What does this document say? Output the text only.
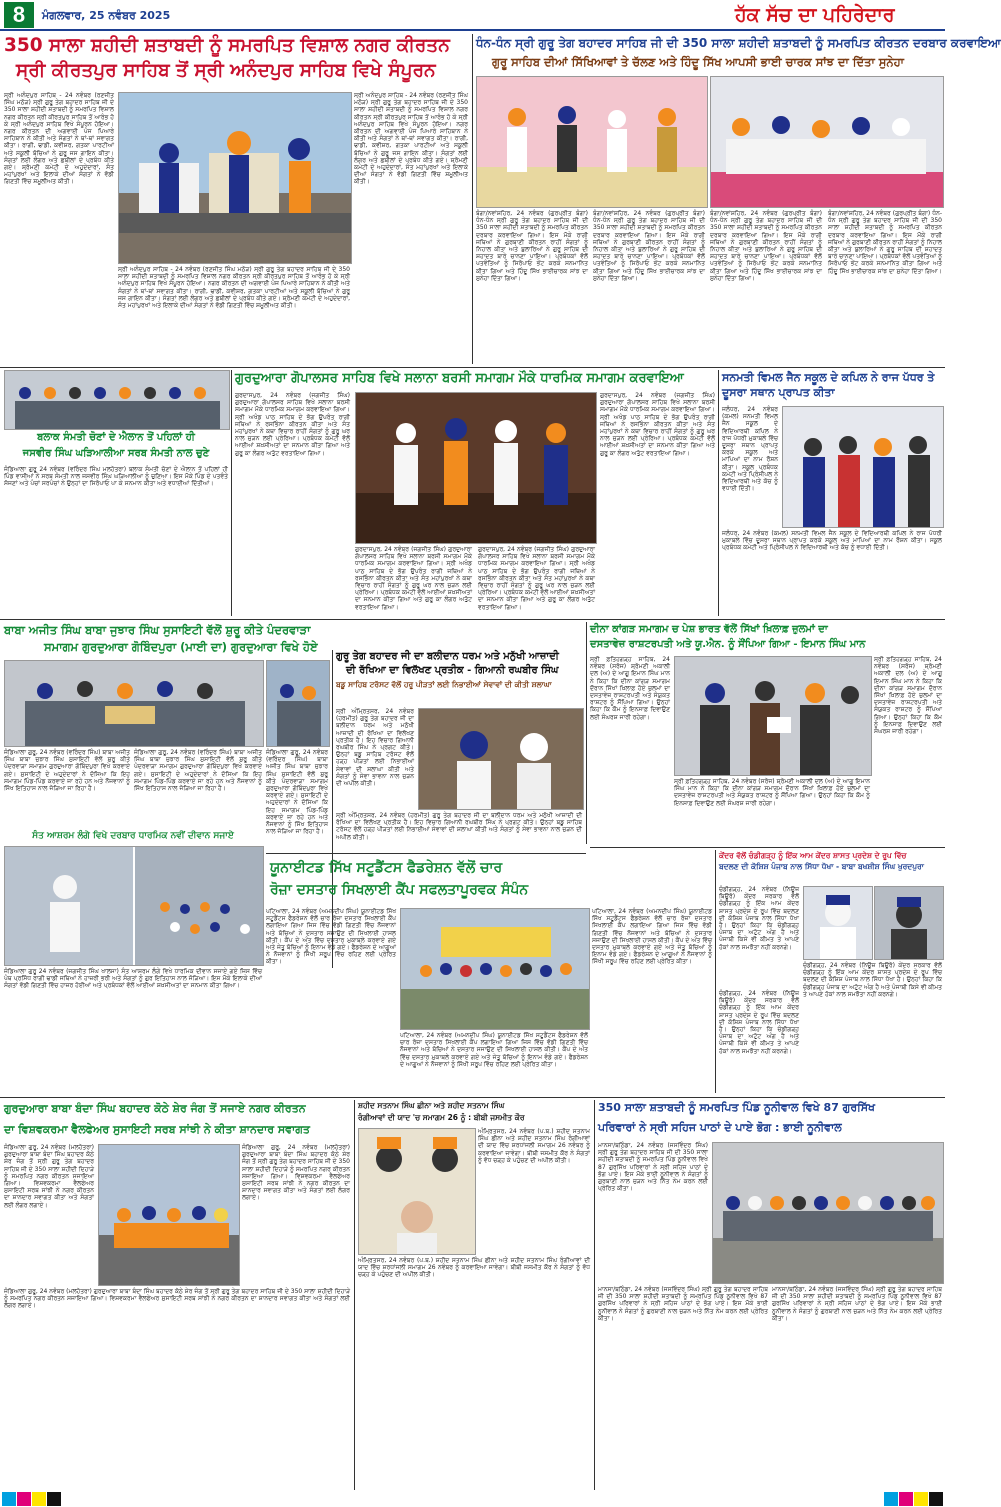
8	ਮੰਗਲਵਾਰ, 25 ਨਵੰਬਰ 2025	ਹੱਕ ਸੱਚ ਦਾ ਪਹਿਰੇਦਾਰ
350 ਸਾਲਾ ਸ਼ਹੀਦੀ ਸ਼ਤਾਬਦੀ ਨੂੰ ਸਮਰਪਿਤ ਵਿਸ਼ਾਲ ਨਗਰ ਕੀਰਤਨ
ਸ੍ਰੀ ਕੀਰਤਪੁਰ ਸਾਹਿਬ ਤੋਂ ਸ੍ਰੀ ਅਨੰਦਪੁਰ ਸਾਹਿਬ ਵਿਖੇ ਸੰਪੂਰਨ
ਸ੍ਰੀ ਅਨੰਦਪੁਰ ਸਾਹਿਬ - 24 ਨਵੰਬਰ (ਰਣਜੀਤ ਸਿੰਘ ਮਠੋੜ) ਸ੍ਰੀ ਗੁਰੂ ਤੇਗ ਬਹਾਦਰ ਸਾਹਿਬ ਜੀ ਦੇ 350 ਸਾਲਾ ਸ਼ਹੀਦੀ ਸ਼ਤਾਬਦੀ ਨੂੰ ਸਮਰਪਿਤ ਵਿਸ਼ਾਲ ਨਗਰ ਕੀਰਤਨ ਸ੍ਰੀ ਕੀਰਤਪੁਰ ਸਾਹਿਬ ਤੋਂ ਆਰੰਭ ਹੋ ਕੇ ਸ੍ਰੀ ਅਨੰਦਪੁਰ ਸਾਹਿਬ ਵਿਖੇ ਸੰਪੂਰਨ ਹੋਇਆ। ਨਗਰ ਕੀਰਤਨ ਦੀ ਅਗਵਾਈ ਪੰਜ ਪਿਆਰੇ ਸਾਹਿਬਾਨ ਨੇ ਕੀਤੀ ਅਤੇ ਸੰਗਤਾਂ ਨੇ ਥਾਂ-ਥਾਂ ਸਵਾਗਤ ਕੀਤਾ। ਰਾਗੀ, ਢਾਡੀ, ਕਵੀਸ਼ਰ, ਗਤਕਾ ਪਾਰਟੀਆਂ ਅਤੇ ਸਕੂਲੀ ਬੱਚਿਆਂ ਨੇ ਗੁਰੂ ਜਸ ਗਾਇਨ ਕੀਤਾ। ਸੰਗਤਾਂ ਲਈ ਲੰਗਰ ਅਤੇ ਛਬੀਲਾਂ ਦੇ ਪ੍ਰਬੰਧ ਕੀਤੇ ਗਏ। ਸ਼੍ਰੋਮਣੀ ਕਮੇਟੀ ਦੇ ਅਹੁਦੇਦਾਰਾਂ, ਸੰਤ ਮਹਾਂਪੁਰਖਾਂ ਅਤੇ ਇਲਾਕੇ ਦੀਆਂ ਸੰਗਤਾਂ ਨੇ ਵੱਡੀ ਗਿਣਤੀ ਵਿੱਚ ਸ਼ਮੂਲੀਅਤ ਕੀਤੀ।
ਸ੍ਰੀ ਅਨੰਦਪੁਰ ਸਾਹਿਬ - 24 ਨਵੰਬਰ (ਰਣਜੀਤ ਸਿੰਘ ਮਠੋੜ) ਸ੍ਰੀ ਗੁਰੂ ਤੇਗ ਬਹਾਦਰ ਸਾਹਿਬ ਜੀ ਦੇ 350 ਸਾਲਾ ਸ਼ਹੀਦੀ ਸ਼ਤਾਬਦੀ ਨੂੰ ਸਮਰਪਿਤ ਵਿਸ਼ਾਲ ਨਗਰ ਕੀਰਤਨ ਸ੍ਰੀ ਕੀਰਤਪੁਰ ਸਾਹਿਬ ਤੋਂ ਆਰੰਭ ਹੋ ਕੇ ਸ੍ਰੀ ਅਨੰਦਪੁਰ ਸਾਹਿਬ ਵਿਖੇ ਸੰਪੂਰਨ ਹੋਇਆ। ਨਗਰ ਕੀਰਤਨ ਦੀ ਅਗਵਾਈ ਪੰਜ ਪਿਆਰੇ ਸਾਹਿਬਾਨ ਨੇ ਕੀਤੀ ਅਤੇ ਸੰਗਤਾਂ ਨੇ ਥਾਂ-ਥਾਂ ਸਵਾਗਤ ਕੀਤਾ। ਰਾਗੀ, ਢਾਡੀ, ਕਵੀਸ਼ਰ, ਗਤਕਾ ਪਾਰਟੀਆਂ ਅਤੇ ਸਕੂਲੀ ਬੱਚਿਆਂ ਨੇ ਗੁਰੂ ਜਸ ਗਾਇਨ ਕੀਤਾ। ਸੰਗਤਾਂ ਲਈ ਲੰਗਰ ਅਤੇ ਛਬੀਲਾਂ ਦੇ ਪ੍ਰਬੰਧ ਕੀਤੇ ਗਏ। ਸ਼੍ਰੋਮਣੀ ਕਮੇਟੀ ਦੇ ਅਹੁਦੇਦਾਰਾਂ, ਸੰਤ ਮਹਾਂਪੁਰਖਾਂ ਅਤੇ ਇਲਾਕੇ ਦੀਆਂ ਸੰਗਤਾਂ ਨੇ ਵੱਡੀ ਗਿਣਤੀ ਵਿੱਚ ਸ਼ਮੂਲੀਅਤ ਕੀਤੀ।
ਸ੍ਰੀ ਅਨੰਦਪੁਰ ਸਾਹਿਬ - 24 ਨਵੰਬਰ (ਰਣਜੀਤ ਸਿੰਘ ਮਠੋੜ) ਸ੍ਰੀ ਗੁਰੂ ਤੇਗ ਬਹਾਦਰ ਸਾਹਿਬ ਜੀ ਦੇ 350 ਸਾਲਾ ਸ਼ਹੀਦੀ ਸ਼ਤਾਬਦੀ ਨੂੰ ਸਮਰਪਿਤ ਵਿਸ਼ਾਲ ਨਗਰ ਕੀਰਤਨ ਸ੍ਰੀ ਕੀਰਤਪੁਰ ਸਾਹਿਬ ਤੋਂ ਆਰੰਭ ਹੋ ਕੇ ਸ੍ਰੀ ਅਨੰਦਪੁਰ ਸਾਹਿਬ ਵਿਖੇ ਸੰਪੂਰਨ ਹੋਇਆ। ਨਗਰ ਕੀਰਤਨ ਦੀ ਅਗਵਾਈ ਪੰਜ ਪਿਆਰੇ ਸਾਹਿਬਾਨ ਨੇ ਕੀਤੀ ਅਤੇ ਸੰਗਤਾਂ ਨੇ ਥਾਂ-ਥਾਂ ਸਵਾਗਤ ਕੀਤਾ। ਰਾਗੀ, ਢਾਡੀ, ਕਵੀਸ਼ਰ, ਗਤਕਾ ਪਾਰਟੀਆਂ ਅਤੇ ਸਕੂਲੀ ਬੱਚਿਆਂ ਨੇ ਗੁਰੂ ਜਸ ਗਾਇਨ ਕੀਤਾ। ਸੰਗਤਾਂ ਲਈ ਲੰਗਰ ਅਤੇ ਛਬੀਲਾਂ ਦੇ ਪ੍ਰਬੰਧ ਕੀਤੇ ਗਏ। ਸ਼੍ਰੋਮਣੀ ਕਮੇਟੀ ਦੇ ਅਹੁਦੇਦਾਰਾਂ, ਸੰਤ ਮਹਾਂਪੁਰਖਾਂ ਅਤੇ ਇਲਾਕੇ ਦੀਆਂ ਸੰਗਤਾਂ ਨੇ ਵੱਡੀ ਗਿਣਤੀ ਵਿੱਚ ਸ਼ਮੂਲੀਅਤ ਕੀਤੀ।
ਧੰਨ-ਧੰਨ ਸ੍ਰੀ ਗੁਰੂ ਤੇਗ ਬਹਾਦਰ ਸਾਹਿਬ ਜੀ ਦੀ 350 ਸਾਲਾ ਸ਼ਹੀਦੀ ਸ਼ਤਾਬਦੀ ਨੂੰ ਸਮਰਪਿਤ ਕੀਰਤਨ ਦਰਬਾਰ ਕਰਵਾਇਆ
ਗੁਰੂ ਸਾਹਿਬ ਦੀਆਂ ਸਿੱਖਿਆਵਾਂ ਤੇ ਚੱਲਣ ਅਤੇ ਹਿੰਦੂ ਸਿੱਖ ਆਪਸੀ ਭਾਈ ਚਾਰਕ ਸਾਂਝ ਦਾ ਦਿੱਤਾ ਸੁਨੇਹਾ
ਬੰਗਾ/ਨਵਾਂਸ਼ਹਿਰ, 24 ਨਵੰਬਰ (ਗੁਰਪ੍ਰੀਤ ਬੰਗਾ) ਧੰਨ-ਧੰਨ ਸ੍ਰੀ ਗੁਰੂ ਤੇਗ ਬਹਾਦਰ ਸਾਹਿਬ ਜੀ ਦੀ 350 ਸਾਲਾ ਸ਼ਹੀਦੀ ਸ਼ਤਾਬਦੀ ਨੂੰ ਸਮਰਪਿਤ ਕੀਰਤਨ ਦਰਬਾਰ ਕਰਵਾਇਆ ਗਿਆ। ਇਸ ਮੌਕੇ ਰਾਗੀ ਜਥਿਆਂ ਨੇ ਗੁਰਬਾਣੀ ਕੀਰਤਨ ਰਾਹੀਂ ਸੰਗਤਾਂ ਨੂੰ ਨਿਹਾਲ ਕੀਤਾ ਅਤੇ ਬੁਲਾਰਿਆਂ ਨੇ ਗੁਰੂ ਸਾਹਿਬ ਦੀ ਸ਼ਹਾਦਤ ਬਾਰੇ ਚਾਨਣਾ ਪਾਇਆ। ਪ੍ਰਬੰਧਕਾਂ ਵੱਲੋਂ ਪਤਵੰਤਿਆਂ ਨੂੰ ਸਿਰੋਪਾਓ ਭੇਂਟ ਕਰਕੇ ਸਨਮਾਨਿਤ ਕੀਤਾ ਗਿਆ ਅਤੇ ਹਿੰਦੂ ਸਿੱਖ ਭਾਈਚਾਰਕ ਸਾਂਝ ਦਾ ਸੁਨੇਹਾ ਦਿੱਤਾ ਗਿਆ।
ਬੰਗਾ/ਨਵਾਂਸ਼ਹਿਰ, 24 ਨਵੰਬਰ (ਗੁਰਪ੍ਰੀਤ ਬੰਗਾ) ਧੰਨ-ਧੰਨ ਸ੍ਰੀ ਗੁਰੂ ਤੇਗ ਬਹਾਦਰ ਸਾਹਿਬ ਜੀ ਦੀ 350 ਸਾਲਾ ਸ਼ਹੀਦੀ ਸ਼ਤਾਬਦੀ ਨੂੰ ਸਮਰਪਿਤ ਕੀਰਤਨ ਦਰਬਾਰ ਕਰਵਾਇਆ ਗਿਆ। ਇਸ ਮੌਕੇ ਰਾਗੀ ਜਥਿਆਂ ਨੇ ਗੁਰਬਾਣੀ ਕੀਰਤਨ ਰਾਹੀਂ ਸੰਗਤਾਂ ਨੂੰ ਨਿਹਾਲ ਕੀਤਾ ਅਤੇ ਬੁਲਾਰਿਆਂ ਨੇ ਗੁਰੂ ਸਾਹਿਬ ਦੀ ਸ਼ਹਾਦਤ ਬਾਰੇ ਚਾਨਣਾ ਪਾਇਆ। ਪ੍ਰਬੰਧਕਾਂ ਵੱਲੋਂ ਪਤਵੰਤਿਆਂ ਨੂੰ ਸਿਰੋਪਾਓ ਭੇਂਟ ਕਰਕੇ ਸਨਮਾਨਿਤ ਕੀਤਾ ਗਿਆ ਅਤੇ ਹਿੰਦੂ ਸਿੱਖ ਭਾਈਚਾਰਕ ਸਾਂਝ ਦਾ ਸੁਨੇਹਾ ਦਿੱਤਾ ਗਿਆ।
ਬੰਗਾ/ਨਵਾਂਸ਼ਹਿਰ, 24 ਨਵੰਬਰ (ਗੁਰਪ੍ਰੀਤ ਬੰਗਾ) ਧੰਨ-ਧੰਨ ਸ੍ਰੀ ਗੁਰੂ ਤੇਗ ਬਹਾਦਰ ਸਾਹਿਬ ਜੀ ਦੀ 350 ਸਾਲਾ ਸ਼ਹੀਦੀ ਸ਼ਤਾਬਦੀ ਨੂੰ ਸਮਰਪਿਤ ਕੀਰਤਨ ਦਰਬਾਰ ਕਰਵਾਇਆ ਗਿਆ। ਇਸ ਮੌਕੇ ਰਾਗੀ ਜਥਿਆਂ ਨੇ ਗੁਰਬਾਣੀ ਕੀਰਤਨ ਰਾਹੀਂ ਸੰਗਤਾਂ ਨੂੰ ਨਿਹਾਲ ਕੀਤਾ ਅਤੇ ਬੁਲਾਰਿਆਂ ਨੇ ਗੁਰੂ ਸਾਹਿਬ ਦੀ ਸ਼ਹਾਦਤ ਬਾਰੇ ਚਾਨਣਾ ਪਾਇਆ। ਪ੍ਰਬੰਧਕਾਂ ਵੱਲੋਂ ਪਤਵੰਤਿਆਂ ਨੂੰ ਸਿਰੋਪਾਓ ਭੇਂਟ ਕਰਕੇ ਸਨਮਾਨਿਤ ਕੀਤਾ ਗਿਆ ਅਤੇ ਹਿੰਦੂ ਸਿੱਖ ਭਾਈਚਾਰਕ ਸਾਂਝ ਦਾ ਸੁਨੇਹਾ ਦਿੱਤਾ ਗਿਆ।
ਬੰਗਾ/ਨਵਾਂਸ਼ਹਿਰ, 24 ਨਵੰਬਰ (ਗੁਰਪ੍ਰੀਤ ਬੰਗਾ) ਧੰਨ-ਧੰਨ ਸ੍ਰੀ ਗੁਰੂ ਤੇਗ ਬਹਾਦਰ ਸਾਹਿਬ ਜੀ ਦੀ 350 ਸਾਲਾ ਸ਼ਹੀਦੀ ਸ਼ਤਾਬਦੀ ਨੂੰ ਸਮਰਪਿਤ ਕੀਰਤਨ ਦਰਬਾਰ ਕਰਵਾਇਆ ਗਿਆ। ਇਸ ਮੌਕੇ ਰਾਗੀ ਜਥਿਆਂ ਨੇ ਗੁਰਬਾਣੀ ਕੀਰਤਨ ਰਾਹੀਂ ਸੰਗਤਾਂ ਨੂੰ ਨਿਹਾਲ ਕੀਤਾ ਅਤੇ ਬੁਲਾਰਿਆਂ ਨੇ ਗੁਰੂ ਸਾਹਿਬ ਦੀ ਸ਼ਹਾਦਤ ਬਾਰੇ ਚਾਨਣਾ ਪਾਇਆ। ਪ੍ਰਬੰਧਕਾਂ ਵੱਲੋਂ ਪਤਵੰਤਿਆਂ ਨੂੰ ਸਿਰੋਪਾਓ ਭੇਂਟ ਕਰਕੇ ਸਨਮਾਨਿਤ ਕੀਤਾ ਗਿਆ ਅਤੇ ਹਿੰਦੂ ਸਿੱਖ ਭਾਈਚਾਰਕ ਸਾਂਝ ਦਾ ਸੁਨੇਹਾ ਦਿੱਤਾ ਗਿਆ।
ਬਲਾਕ ਸੰਮਤੀ ਚੋਣਾਂ ਦੇ ਐਲਾਨ ਤੋਂ ਪਹਿਲਾਂ ਹੀ
ਜਸਵੀਰ ਸਿੰਘ ਘੜਿਆਲੀਆ ਸਰਬ ਸੰਮਤੀ ਨਾਲ ਚੁਣੇ
ਜੰਡਿਆਲਾ ਗੁਰੂ 24 ਨਵੰਬਰ (ਵਰਿੰਦਰ ਸਿੰਘ ਮਲਹੋਤਰਾ) ਬਲਾਕ ਸੰਮਤੀ ਚੋਣਾਂ ਦੇ ਐਲਾਨ ਤੋਂ ਪਹਿਲਾਂ ਹੀ ਪਿੰਡ ਵਾਸੀਆਂ ਨੇ ਸਰਬ ਸੰਮਤੀ ਨਾਲ ਜਸਵੀਰ ਸਿੰਘ ਘੜਿਆਲੀਆ ਨੂੰ ਚੁਣਿਆ। ਇਸ ਮੌਕੇ ਪਿੰਡ ਦੇ ਪਤਵੰਤੇ ਸੱਜਣਾਂ ਅਤੇ ਪੰਚਾਂ ਸਰਪੰਚਾਂ ਨੇ ਉਨ੍ਹਾਂ ਦਾ ਸਿਰੋਪਾਓ ਪਾ ਕੇ ਸਨਮਾਨ ਕੀਤਾ ਅਤੇ ਵਧਾਈਆਂ ਦਿੱਤੀਆਂ।
ਗੁਰਦੁਆਰਾ ਗੋਪਾਲਸਰ ਸਾਹਿਬ ਵਿਖੇ ਸਲਾਨਾ ਬਰਸੀ ਸਮਾਗਮ ਮੌਕੇ ਧਾਰਮਿਕ ਸਮਾਗਮ ਕਰਵਾਇਆ
ਗੁਰਦਾਸਪੁਰ, 24 ਨਵੰਬਰ (ਜਗਜੀਤ ਸਿੰਘ) ਗੁਰਦੁਆਰਾ ਗੋਪਾਲਸਰ ਸਾਹਿਬ ਵਿਖੇ ਸਲਾਨਾ ਬਰਸੀ ਸਮਾਗਮ ਮੌਕੇ ਧਾਰਮਿਕ ਸਮਾਗਮ ਕਰਵਾਇਆ ਗਿਆ। ਸ੍ਰੀ ਅਖੰਡ ਪਾਠ ਸਾਹਿਬ ਦੇ ਭੋਗ ਉਪਰੰਤ ਰਾਗੀ ਜਥਿਆਂ ਨੇ ਰਸਭਿੰਨਾ ਕੀਰਤਨ ਕੀਤਾ ਅਤੇ ਸੰਤ ਮਹਾਂਪੁਰਖਾਂ ਨੇ ਕਥਾ ਵਿਚਾਰ ਰਾਹੀਂ ਸੰਗਤਾਂ ਨੂੰ ਗੁਰੂ ਘਰ ਨਾਲ ਜੁੜਨ ਲਈ ਪ੍ਰੇਰਿਆ। ਪ੍ਰਬੰਧਕ ਕਮੇਟੀ ਵੱਲੋਂ ਆਈਆਂ ਸ਼ਖ਼ਸੀਅਤਾਂ ਦਾ ਸਨਮਾਨ ਕੀਤਾ ਗਿਆ ਅਤੇ ਗੁਰੂ ਕਾ ਲੰਗਰ ਅਤੁੱਟ ਵਰਤਾਇਆ ਗਿਆ।
ਗੁਰਦਾਸਪੁਰ, 24 ਨਵੰਬਰ (ਜਗਜੀਤ ਸਿੰਘ) ਗੁਰਦੁਆਰਾ ਗੋਪਾਲਸਰ ਸਾਹਿਬ ਵਿਖੇ ਸਲਾਨਾ ਬਰਸੀ ਸਮਾਗਮ ਮੌਕੇ ਧਾਰਮਿਕ ਸਮਾਗਮ ਕਰਵਾਇਆ ਗਿਆ। ਸ੍ਰੀ ਅਖੰਡ ਪਾਠ ਸਾਹਿਬ ਦੇ ਭੋਗ ਉਪਰੰਤ ਰਾਗੀ ਜਥਿਆਂ ਨੇ ਰਸਭਿੰਨਾ ਕੀਰਤਨ ਕੀਤਾ ਅਤੇ ਸੰਤ ਮਹਾਂਪੁਰਖਾਂ ਨੇ ਕਥਾ ਵਿਚਾਰ ਰਾਹੀਂ ਸੰਗਤਾਂ ਨੂੰ ਗੁਰੂ ਘਰ ਨਾਲ ਜੁੜਨ ਲਈ ਪ੍ਰੇਰਿਆ। ਪ੍ਰਬੰਧਕ ਕਮੇਟੀ ਵੱਲੋਂ ਆਈਆਂ ਸ਼ਖ਼ਸੀਅਤਾਂ ਦਾ ਸਨਮਾਨ ਕੀਤਾ ਗਿਆ ਅਤੇ ਗੁਰੂ ਕਾ ਲੰਗਰ ਅਤੁੱਟ ਵਰਤਾਇਆ ਗਿਆ।
ਗੁਰਦਾਸਪੁਰ, 24 ਨਵੰਬਰ (ਜਗਜੀਤ ਸਿੰਘ) ਗੁਰਦੁਆਰਾ ਗੋਪਾਲਸਰ ਸਾਹਿਬ ਵਿਖੇ ਸਲਾਨਾ ਬਰਸੀ ਸਮਾਗਮ ਮੌਕੇ ਧਾਰਮਿਕ ਸਮਾਗਮ ਕਰਵਾਇਆ ਗਿਆ। ਸ੍ਰੀ ਅਖੰਡ ਪਾਠ ਸਾਹਿਬ ਦੇ ਭੋਗ ਉਪਰੰਤ ਰਾਗੀ ਜਥਿਆਂ ਨੇ ਰਸਭਿੰਨਾ ਕੀਰਤਨ ਕੀਤਾ ਅਤੇ ਸੰਤ ਮਹਾਂਪੁਰਖਾਂ ਨੇ ਕਥਾ ਵਿਚਾਰ ਰਾਹੀਂ ਸੰਗਤਾਂ ਨੂੰ ਗੁਰੂ ਘਰ ਨਾਲ ਜੁੜਨ ਲਈ ਪ੍ਰੇਰਿਆ। ਪ੍ਰਬੰਧਕ ਕਮੇਟੀ ਵੱਲੋਂ ਆਈਆਂ ਸ਼ਖ਼ਸੀਅਤਾਂ ਦਾ ਸਨਮਾਨ ਕੀਤਾ ਗਿਆ ਅਤੇ ਗੁਰੂ ਕਾ ਲੰਗਰ ਅਤੁੱਟ ਵਰਤਾਇਆ ਗਿਆ।
ਗੁਰਦਾਸਪੁਰ, 24 ਨਵੰਬਰ (ਜਗਜੀਤ ਸਿੰਘ) ਗੁਰਦੁਆਰਾ ਗੋਪਾਲਸਰ ਸਾਹਿਬ ਵਿਖੇ ਸਲਾਨਾ ਬਰਸੀ ਸਮਾਗਮ ਮੌਕੇ ਧਾਰਮਿਕ ਸਮਾਗਮ ਕਰਵਾਇਆ ਗਿਆ। ਸ੍ਰੀ ਅਖੰਡ ਪਾਠ ਸਾਹਿਬ ਦੇ ਭੋਗ ਉਪਰੰਤ ਰਾਗੀ ਜਥਿਆਂ ਨੇ ਰਸਭਿੰਨਾ ਕੀਰਤਨ ਕੀਤਾ ਅਤੇ ਸੰਤ ਮਹਾਂਪੁਰਖਾਂ ਨੇ ਕਥਾ ਵਿਚਾਰ ਰਾਹੀਂ ਸੰਗਤਾਂ ਨੂੰ ਗੁਰੂ ਘਰ ਨਾਲ ਜੁੜਨ ਲਈ ਪ੍ਰੇਰਿਆ। ਪ੍ਰਬੰਧਕ ਕਮੇਟੀ ਵੱਲੋਂ ਆਈਆਂ ਸ਼ਖ਼ਸੀਅਤਾਂ ਦਾ ਸਨਮਾਨ ਕੀਤਾ ਗਿਆ ਅਤੇ ਗੁਰੂ ਕਾ ਲੰਗਰ ਅਤੁੱਟ ਵਰਤਾਇਆ ਗਿਆ।
ਸਨਮਤੀ ਵਿਮਲ ਜੈਨ ਸਕੂਲ ਦੇ ਕਪਿਲ ਨੇ ਰਾਜ ਪੱਧਰ ਤੇ ਦੂਸਰਾ ਸਥਾਨ ਪ੍ਰਾਪਤ ਕੀਤਾ
ਜਲੰਧਰ, 24 ਨਵੰਬਰ (ਕਮਲ) ਸਨਮਤੀ ਵਿਮਲ ਜੈਨ ਸਕੂਲ ਦੇ ਵਿਦਿਆਰਥੀ ਕਪਿਲ ਨੇ ਰਾਜ ਪੱਧਰੀ ਮੁਕਾਬਲੇ ਵਿੱਚ ਦੂਸਰਾ ਸਥਾਨ ਪ੍ਰਾਪਤ ਕਰਕੇ ਸਕੂਲ ਅਤੇ ਮਾਪਿਆਂ ਦਾ ਨਾਮ ਰੌਸ਼ਨ ਕੀਤਾ। ਸਕੂਲ ਪ੍ਰਬੰਧਕ ਕਮੇਟੀ ਅਤੇ ਪ੍ਰਿੰਸੀਪਲ ਨੇ ਵਿਦਿਆਰਥੀ ਅਤੇ ਕੋਚ ਨੂੰ ਵਧਾਈ ਦਿੱਤੀ।
ਜਲੰਧਰ, 24 ਨਵੰਬਰ (ਕਮਲ) ਸਨਮਤੀ ਵਿਮਲ ਜੈਨ ਸਕੂਲ ਦੇ ਵਿਦਿਆਰਥੀ ਕਪਿਲ ਨੇ ਰਾਜ ਪੱਧਰੀ ਮੁਕਾਬਲੇ ਵਿੱਚ ਦੂਸਰਾ ਸਥਾਨ ਪ੍ਰਾਪਤ ਕਰਕੇ ਸਕੂਲ ਅਤੇ ਮਾਪਿਆਂ ਦਾ ਨਾਮ ਰੌਸ਼ਨ ਕੀਤਾ। ਸਕੂਲ ਪ੍ਰਬੰਧਕ ਕਮੇਟੀ ਅਤੇ ਪ੍ਰਿੰਸੀਪਲ ਨੇ ਵਿਦਿਆਰਥੀ ਅਤੇ ਕੋਚ ਨੂੰ ਵਧਾਈ ਦਿੱਤੀ।
ਬਾਬਾ ਅਜੀਤ ਸਿੰਘ ਬਾਬਾ ਜੁਝਾਰ ਸਿੰਘ ਸੁਸਾਇਟੀ ਵੱਲੋਂ ਸ਼ੁਰੂ ਕੀਤੇ ਪੰਦਰਵਾੜਾ
ਸਮਾਗਮ ਗੁਰਦੁਆਰਾ ਗੋਬਿੰਦਪੁਰਾ (ਮਾਈ ਦਾ) ਗੁਰਦੁਆਰਾ ਵਿਖੇ ਹੋਏ
ਜੰਡਿਆਲਾ ਗੁਰੂ, 24 ਨਵੰਬਰ (ਵਰਿੰਦਰ ਸਿੰਘ) ਬਾਬਾ ਅਜੀਤ ਸਿੰਘ ਬਾਬਾ ਜੁਝਾਰ ਸਿੰਘ ਸੁਸਾਇਟੀ ਵੱਲੋਂ ਸ਼ੁਰੂ ਕੀਤੇ ਪੰਦਰਵਾੜਾ ਸਮਾਗਮ ਗੁਰਦੁਆਰਾ ਗੋਬਿੰਦਪੁਰਾ ਵਿਖੇ ਕਰਵਾਏ ਗਏ। ਸੁਸਾਇਟੀ ਦੇ ਅਹੁਦੇਦਾਰਾਂ ਨੇ ਦੱਸਿਆ ਕਿ ਇਹ ਸਮਾਗਮ ਪਿੰਡ-ਪਿੰਡ ਕਰਵਾਏ ਜਾ ਰਹੇ ਹਨ ਅਤੇ ਨੌਜਵਾਨਾਂ ਨੂੰ ਸਿੱਖ ਇਤਿਹਾਸ ਨਾਲ ਜੋੜਿਆ ਜਾ ਰਿਹਾ ਹੈ।
ਜੰਡਿਆਲਾ ਗੁਰੂ, 24 ਨਵੰਬਰ (ਵਰਿੰਦਰ ਸਿੰਘ) ਬਾਬਾ ਅਜੀਤ ਸਿੰਘ ਬਾਬਾ ਜੁਝਾਰ ਸਿੰਘ ਸੁਸਾਇਟੀ ਵੱਲੋਂ ਸ਼ੁਰੂ ਕੀਤੇ ਪੰਦਰਵਾੜਾ ਸਮਾਗਮ ਗੁਰਦੁਆਰਾ ਗੋਬਿੰਦਪੁਰਾ ਵਿਖੇ ਕਰਵਾਏ ਗਏ। ਸੁਸਾਇਟੀ ਦੇ ਅਹੁਦੇਦਾਰਾਂ ਨੇ ਦੱਸਿਆ ਕਿ ਇਹ ਸਮਾਗਮ ਪਿੰਡ-ਪਿੰਡ ਕਰਵਾਏ ਜਾ ਰਹੇ ਹਨ ਅਤੇ ਨੌਜਵਾਨਾਂ ਨੂੰ ਸਿੱਖ ਇਤਿਹਾਸ ਨਾਲ ਜੋੜਿਆ ਜਾ ਰਿਹਾ ਹੈ।
ਸੰਤ ਆਸ਼ਰਮ ਲੰਗੇ ਵਿਖੇ ਦਰਬਾਰ ਧਾਰਮਿਕ ਨਵੀਂ ਦੀਵਾਨ ਸਜਾਏ
ਜੰਡਿਆਲਾ ਗੁਰੂ, 24 ਨਵੰਬਰ (ਵਰਿੰਦਰ ਸਿੰਘ) ਬਾਬਾ ਅਜੀਤ ਸਿੰਘ ਬਾਬਾ ਜੁਝਾਰ ਸਿੰਘ ਸੁਸਾਇਟੀ ਵੱਲੋਂ ਸ਼ੁਰੂ ਕੀਤੇ ਪੰਦਰਵਾੜਾ ਸਮਾਗਮ ਗੁਰਦੁਆਰਾ ਗੋਬਿੰਦਪੁਰਾ ਵਿਖੇ ਕਰਵਾਏ ਗਏ। ਸੁਸਾਇਟੀ ਦੇ ਅਹੁਦੇਦਾਰਾਂ ਨੇ ਦੱਸਿਆ ਕਿ ਇਹ ਸਮਾਗਮ ਪਿੰਡ-ਪਿੰਡ ਕਰਵਾਏ ਜਾ ਰਹੇ ਹਨ ਅਤੇ ਨੌਜਵਾਨਾਂ ਨੂੰ ਸਿੱਖ ਇਤਿਹਾਸ ਨਾਲ ਜੋੜਿਆ ਜਾ ਰਿਹਾ ਹੈ।
ਗੁਰੂ ਤੇਗ ਬਹਾਦਰ ਜੀ ਦਾ ਬਲੀਦਾਨ ਧਰਮ ਅਤੇ ਮਨੁੱਖੀ ਆਜ਼ਾਦੀ
ਦੀ ਰੱਖਿਆ ਦਾ ਵਿਲੱਖਣ ਪ੍ਰਤੀਕ - ਗਿਆਨੀ ਰਘਬੀਰ ਸਿੰਘ
ਬਡੂ ਸਾਹਿਬ ਟਰੱਸਟ ਵੱਲੋਂ ਹਰੂ ਪੀੜਤਾਂ ਲਈ ਨਿਭਾਈਆਂ ਸੇਵਾਵਾਂ ਦੀ ਕੀਤੀ ਸ਼ਲਾਘਾ
ਸ੍ਰੀ ਅੰਮ੍ਰਿਤਸਰ, 24 ਨਵੰਬਰ (ਹਰਮੀਤ) ਗੁਰੂ ਤੇਗ ਬਹਾਦਰ ਜੀ ਦਾ ਬਲੀਦਾਨ ਧਰਮ ਅਤੇ ਮਨੁੱਖੀ ਆਜ਼ਾਦੀ ਦੀ ਰੱਖਿਆ ਦਾ ਵਿਲੱਖਣ ਪ੍ਰਤੀਕ ਹੈ। ਇਹ ਵਿਚਾਰ ਗਿਆਨੀ ਰਘਬੀਰ ਸਿੰਘ ਨੇ ਪ੍ਰਗਟ ਕੀਤੇ। ਉਨ੍ਹਾਂ ਬਡੂ ਸਾਹਿਬ ਟਰੱਸਟ ਵੱਲੋਂ ਹੜ੍ਹ ਪੀੜਤਾਂ ਲਈ ਨਿਭਾਈਆਂ ਸੇਵਾਵਾਂ ਦੀ ਸ਼ਲਾਘਾ ਕੀਤੀ ਅਤੇ ਸੰਗਤਾਂ ਨੂੰ ਸੇਵਾ ਭਾਵਨਾ ਨਾਲ ਜੁੜਨ ਦੀ ਅਪੀਲ ਕੀਤੀ।
ਸ੍ਰੀ ਅੰਮ੍ਰਿਤਸਰ, 24 ਨਵੰਬਰ (ਹਰਮੀਤ) ਗੁਰੂ ਤੇਗ ਬਹਾਦਰ ਜੀ ਦਾ ਬਲੀਦਾਨ ਧਰਮ ਅਤੇ ਮਨੁੱਖੀ ਆਜ਼ਾਦੀ ਦੀ ਰੱਖਿਆ ਦਾ ਵਿਲੱਖਣ ਪ੍ਰਤੀਕ ਹੈ। ਇਹ ਵਿਚਾਰ ਗਿਆਨੀ ਰਘਬੀਰ ਸਿੰਘ ਨੇ ਪ੍ਰਗਟ ਕੀਤੇ। ਉਨ੍ਹਾਂ ਬਡੂ ਸਾਹਿਬ ਟਰੱਸਟ ਵੱਲੋਂ ਹੜ੍ਹ ਪੀੜਤਾਂ ਲਈ ਨਿਭਾਈਆਂ ਸੇਵਾਵਾਂ ਦੀ ਸ਼ਲਾਘਾ ਕੀਤੀ ਅਤੇ ਸੰਗਤਾਂ ਨੂੰ ਸੇਵਾ ਭਾਵਨਾ ਨਾਲ ਜੁੜਨ ਦੀ ਅਪੀਲ ਕੀਤੀ।
ਦੀਨਾ ਕਾਂਗੜ ਸਮਾਗਮ ਚ ਪੇਸ਼ ਭਾਰਤ ਵੱਲੋਂ ਸਿੱਖਾਂ ਖ਼ਿਲਾਫ਼ ਜ਼ੁਲਮਾਂ ਦਾ
ਦਸਤਾਵੇਜ਼ ਰਾਸ਼ਟਰਪਤੀ ਅਤੇ ਯੂ.ਐਨ. ਨੂੰ ਸੌਂਪਿਆ ਗਿਆ - ਇਮਾਨ ਸਿੰਘ ਮਾਨ
ਸ੍ਰੀ ਫ਼ਤਿਹਗੜ੍ਹ ਸਾਹਿਬ, 24 ਨਵੰਬਰ (ਸਰੋਜ) ਸ਼੍ਰੋਮਣੀ ਅਕਾਲੀ ਦਲ (ਅ) ਦੇ ਆਗੂ ਇਮਾਨ ਸਿੰਘ ਮਾਨ ਨੇ ਕਿਹਾ ਕਿ ਦੀਨਾ ਕਾਂਗੜ ਸਮਾਗਮ ਦੌਰਾਨ ਸਿੱਖਾਂ ਖ਼ਿਲਾਫ਼ ਹੋਏ ਜ਼ੁਲਮਾਂ ਦਾ ਦਸਤਾਵੇਜ਼ ਰਾਸ਼ਟਰਪਤੀ ਅਤੇ ਸੰਯੁਕਤ ਰਾਸ਼ਟਰ ਨੂੰ ਸੌਂਪਿਆ ਗਿਆ। ਉਨ੍ਹਾਂ ਕਿਹਾ ਕਿ ਕੌਮ ਨੂੰ ਇਨਸਾਫ਼ ਦਿਵਾਉਣ ਲਈ ਸੰਘਰਸ਼ ਜਾਰੀ ਰਹੇਗਾ।
ਸ੍ਰੀ ਫ਼ਤਿਹਗੜ੍ਹ ਸਾਹਿਬ, 24 ਨਵੰਬਰ (ਸਰੋਜ) ਸ਼੍ਰੋਮਣੀ ਅਕਾਲੀ ਦਲ (ਅ) ਦੇ ਆਗੂ ਇਮਾਨ ਸਿੰਘ ਮਾਨ ਨੇ ਕਿਹਾ ਕਿ ਦੀਨਾ ਕਾਂਗੜ ਸਮਾਗਮ ਦੌਰਾਨ ਸਿੱਖਾਂ ਖ਼ਿਲਾਫ਼ ਹੋਏ ਜ਼ੁਲਮਾਂ ਦਾ ਦਸਤਾਵੇਜ਼ ਰਾਸ਼ਟਰਪਤੀ ਅਤੇ ਸੰਯੁਕਤ ਰਾਸ਼ਟਰ ਨੂੰ ਸੌਂਪਿਆ ਗਿਆ। ਉਨ੍ਹਾਂ ਕਿਹਾ ਕਿ ਕੌਮ ਨੂੰ ਇਨਸਾਫ਼ ਦਿਵਾਉਣ ਲਈ ਸੰਘਰਸ਼ ਜਾਰੀ ਰਹੇਗਾ।
ਸ੍ਰੀ ਫ਼ਤਿਹਗੜ੍ਹ ਸਾਹਿਬ, 24 ਨਵੰਬਰ (ਸਰੋਜ) ਸ਼੍ਰੋਮਣੀ ਅਕਾਲੀ ਦਲ (ਅ) ਦੇ ਆਗੂ ਇਮਾਨ ਸਿੰਘ ਮਾਨ ਨੇ ਕਿਹਾ ਕਿ ਦੀਨਾ ਕਾਂਗੜ ਸਮਾਗਮ ਦੌਰਾਨ ਸਿੱਖਾਂ ਖ਼ਿਲਾਫ਼ ਹੋਏ ਜ਼ੁਲਮਾਂ ਦਾ ਦਸਤਾਵੇਜ਼ ਰਾਸ਼ਟਰਪਤੀ ਅਤੇ ਸੰਯੁਕਤ ਰਾਸ਼ਟਰ ਨੂੰ ਸੌਂਪਿਆ ਗਿਆ। ਉਨ੍ਹਾਂ ਕਿਹਾ ਕਿ ਕੌਮ ਨੂੰ ਇਨਸਾਫ਼ ਦਿਵਾਉਣ ਲਈ ਸੰਘਰਸ਼ ਜਾਰੀ ਰਹੇਗਾ।
ਯੂਨਾਈਟਡ ਸਿੱਖ ਸਟੂਡੈਂਟਸ ਫੈਡਰੇਸ਼ਨ ਵੱਲੋਂ ਚਾਰ
ਰੋਜ਼ਾ ਦਸਤਾਰ ਸਿਖਲਾਈ ਕੈਂਪ ਸਫਲਤਾਪੂਰਵਕ ਸੰਪੰਨ
ਪਟਿਆਲਾ, 24 ਨਵੰਬਰ (ਅਮਨਦੀਪ ਸਿੰਘ) ਯੂਨਾਈਟਡ ਸਿੱਖ ਸਟੂਡੈਂਟਸ ਫੈਡਰੇਸ਼ਨ ਵੱਲੋਂ ਚਾਰ ਰੋਜ਼ਾ ਦਸਤਾਰ ਸਿਖਲਾਈ ਕੈਂਪ ਲਗਾਇਆ ਗਿਆ ਜਿਸ ਵਿੱਚ ਵੱਡੀ ਗਿਣਤੀ ਵਿੱਚ ਨੌਜਵਾਨਾਂ ਅਤੇ ਬੱਚਿਆਂ ਨੇ ਦਸਤਾਰ ਸਜਾਉਣ ਦੀ ਸਿਖਲਾਈ ਹਾਸਲ ਕੀਤੀ। ਕੈਂਪ ਦੇ ਅੰਤ ਵਿੱਚ ਦਸਤਾਰ ਮੁਕਾਬਲੇ ਕਰਵਾਏ ਗਏ ਅਤੇ ਜੇਤੂ ਬੱਚਿਆਂ ਨੂੰ ਇਨਾਮ ਵੰਡੇ ਗਏ। ਫੈਡਰੇਸ਼ਨ ਦੇ ਆਗੂਆਂ ਨੇ ਨੌਜਵਾਨਾਂ ਨੂੰ ਸਿੱਖੀ ਸਰੂਪ ਵਿੱਚ ਰਹਿਣ ਲਈ ਪ੍ਰੇਰਿਤ ਕੀਤਾ।
ਪਟਿਆਲਾ, 24 ਨਵੰਬਰ (ਅਮਨਦੀਪ ਸਿੰਘ) ਯੂਨਾਈਟਡ ਸਿੱਖ ਸਟੂਡੈਂਟਸ ਫੈਡਰੇਸ਼ਨ ਵੱਲੋਂ ਚਾਰ ਰੋਜ਼ਾ ਦਸਤਾਰ ਸਿਖਲਾਈ ਕੈਂਪ ਲਗਾਇਆ ਗਿਆ ਜਿਸ ਵਿੱਚ ਵੱਡੀ ਗਿਣਤੀ ਵਿੱਚ ਨੌਜਵਾਨਾਂ ਅਤੇ ਬੱਚਿਆਂ ਨੇ ਦਸਤਾਰ ਸਜਾਉਣ ਦੀ ਸਿਖਲਾਈ ਹਾਸਲ ਕੀਤੀ। ਕੈਂਪ ਦੇ ਅੰਤ ਵਿੱਚ ਦਸਤਾਰ ਮੁਕਾਬਲੇ ਕਰਵਾਏ ਗਏ ਅਤੇ ਜੇਤੂ ਬੱਚਿਆਂ ਨੂੰ ਇਨਾਮ ਵੰਡੇ ਗਏ। ਫੈਡਰੇਸ਼ਨ ਦੇ ਆਗੂਆਂ ਨੇ ਨੌਜਵਾਨਾਂ ਨੂੰ ਸਿੱਖੀ ਸਰੂਪ ਵਿੱਚ ਰਹਿਣ ਲਈ ਪ੍ਰੇਰਿਤ ਕੀਤਾ।
ਪਟਿਆਲਾ, 24 ਨਵੰਬਰ (ਅਮਨਦੀਪ ਸਿੰਘ) ਯੂਨਾਈਟਡ ਸਿੱਖ ਸਟੂਡੈਂਟਸ ਫੈਡਰੇਸ਼ਨ ਵੱਲੋਂ ਚਾਰ ਰੋਜ਼ਾ ਦਸਤਾਰ ਸਿਖਲਾਈ ਕੈਂਪ ਲਗਾਇਆ ਗਿਆ ਜਿਸ ਵਿੱਚ ਵੱਡੀ ਗਿਣਤੀ ਵਿੱਚ ਨੌਜਵਾਨਾਂ ਅਤੇ ਬੱਚਿਆਂ ਨੇ ਦਸਤਾਰ ਸਜਾਉਣ ਦੀ ਸਿਖਲਾਈ ਹਾਸਲ ਕੀਤੀ। ਕੈਂਪ ਦੇ ਅੰਤ ਵਿੱਚ ਦਸਤਾਰ ਮੁਕਾਬਲੇ ਕਰਵਾਏ ਗਏ ਅਤੇ ਜੇਤੂ ਬੱਚਿਆਂ ਨੂੰ ਇਨਾਮ ਵੰਡੇ ਗਏ। ਫੈਡਰੇਸ਼ਨ ਦੇ ਆਗੂਆਂ ਨੇ ਨੌਜਵਾਨਾਂ ਨੂੰ ਸਿੱਖੀ ਸਰੂਪ ਵਿੱਚ ਰਹਿਣ ਲਈ ਪ੍ਰੇਰਿਤ ਕੀਤਾ।
ਜੰਡਿਆਲਾ ਗੁਰੂ 24 ਨਵੰਬਰ (ਜਗਜੀਤ ਸਿੰਘ ਖਾਲਸਾ) ਸੰਤ ਆਸ਼ਰਮ ਲੰਗੇ ਵਿਖੇ ਧਾਰਮਿਕ ਦੀਵਾਨ ਸਜਾਏ ਗਏ ਜਿਸ ਵਿੱਚ ਪੰਥ ਪ੍ਰਸਿੱਧ ਰਾਗੀ ਢਾਡੀ ਜਥਿਆਂ ਨੇ ਹਾਜ਼ਰੀ ਭਰੀ ਅਤੇ ਸੰਗਤਾਂ ਨੂੰ ਗੁਰ ਇਤਿਹਾਸ ਨਾਲ ਜੋੜਿਆ। ਇਸ ਮੌਕੇ ਇਲਾਕੇ ਦੀਆਂ ਸੰਗਤਾਂ ਵੱਡੀ ਗਿਣਤੀ ਵਿੱਚ ਹਾਜ਼ਰ ਹੋਈਆਂ ਅਤੇ ਪ੍ਰਬੰਧਕਾਂ ਵੱਲੋਂ ਆਈਆਂ ਸ਼ਖ਼ਸੀਅਤਾਂ ਦਾ ਸਨਮਾਨ ਕੀਤਾ ਗਿਆ।
ਕੇਂਦਰ ਵੱਲੋਂ ਚੰਡੀਗੜ੍ਹ ਨੂੰ ਇੱਕ ਆਮ ਕੇਂਦਰ ਸ਼ਾਸਤ ਪ੍ਰਦੇਸ਼ ਦੇ ਰੂਪ ਵਿੱਚ
ਬਦਲਣ ਦੀ ਕੋਸ਼ਿਸ਼ ਪੰਜਾਬ ਨਾਲ ਸਿੱਧਾ ਧੋਖਾ - ਬਾਬਾ ਬਖਸ਼ੀਸ਼ ਸਿੰਘ ਖੁਰਦਪੁਰਾ
ਚੰਡੀਗੜ੍ਹ, 24 ਨਵੰਬਰ (ਨਿਊਜ਼ ਬਿਊਰੋ) ਕੇਂਦਰ ਸਰਕਾਰ ਵੱਲੋਂ ਚੰਡੀਗੜ੍ਹ ਨੂੰ ਇੱਕ ਆਮ ਕੇਂਦਰ ਸ਼ਾਸਤ ਪ੍ਰਦੇਸ਼ ਦੇ ਰੂਪ ਵਿੱਚ ਬਦਲਣ ਦੀ ਕੋਸ਼ਿਸ਼ ਪੰਜਾਬ ਨਾਲ ਸਿੱਧਾ ਧੋਖਾ ਹੈ। ਉਨ੍ਹਾਂ ਕਿਹਾ ਕਿ ਚੰਡੀਗੜ੍ਹ ਪੰਜਾਬ ਦਾ ਅਟੁੱਟ ਅੰਗ ਹੈ ਅਤੇ ਪੰਜਾਬੀ ਕਿਸੇ ਵੀ ਕੀਮਤ ਤੇ ਆਪਣੇ ਹੱਕਾਂ ਨਾਲ ਸਮਝੌਤਾ ਨਹੀਂ ਕਰਨਗੇ।
ਚੰਡੀਗੜ੍ਹ, 24 ਨਵੰਬਰ (ਨਿਊਜ਼ ਬਿਊਰੋ) ਕੇਂਦਰ ਸਰਕਾਰ ਵੱਲੋਂ ਚੰਡੀਗੜ੍ਹ ਨੂੰ ਇੱਕ ਆਮ ਕੇਂਦਰ ਸ਼ਾਸਤ ਪ੍ਰਦੇਸ਼ ਦੇ ਰੂਪ ਵਿੱਚ ਬਦਲਣ ਦੀ ਕੋਸ਼ਿਸ਼ ਪੰਜਾਬ ਨਾਲ ਸਿੱਧਾ ਧੋਖਾ ਹੈ। ਉਨ੍ਹਾਂ ਕਿਹਾ ਕਿ ਚੰਡੀਗੜ੍ਹ ਪੰਜਾਬ ਦਾ ਅਟੁੱਟ ਅੰਗ ਹੈ ਅਤੇ ਪੰਜਾਬੀ ਕਿਸੇ ਵੀ ਕੀਮਤ ਤੇ ਆਪਣੇ ਹੱਕਾਂ ਨਾਲ ਸਮਝੌਤਾ ਨਹੀਂ ਕਰਨਗੇ।
ਚੰਡੀਗੜ੍ਹ, 24 ਨਵੰਬਰ (ਨਿਊਜ਼ ਬਿਊਰੋ) ਕੇਂਦਰ ਸਰਕਾਰ ਵੱਲੋਂ ਚੰਡੀਗੜ੍ਹ ਨੂੰ ਇੱਕ ਆਮ ਕੇਂਦਰ ਸ਼ਾਸਤ ਪ੍ਰਦੇਸ਼ ਦੇ ਰੂਪ ਵਿੱਚ ਬਦਲਣ ਦੀ ਕੋਸ਼ਿਸ਼ ਪੰਜਾਬ ਨਾਲ ਸਿੱਧਾ ਧੋਖਾ ਹੈ। ਉਨ੍ਹਾਂ ਕਿਹਾ ਕਿ ਚੰਡੀਗੜ੍ਹ ਪੰਜਾਬ ਦਾ ਅਟੁੱਟ ਅੰਗ ਹੈ ਅਤੇ ਪੰਜਾਬੀ ਕਿਸੇ ਵੀ ਕੀਮਤ ਤੇ ਆਪਣੇ ਹੱਕਾਂ ਨਾਲ ਸਮਝੌਤਾ ਨਹੀਂ ਕਰਨਗੇ।
ਗੁਰਦੁਆਰਾ ਬਾਬਾ ਬੰਦਾ ਸਿੰਘ ਬਹਾਦਰ ਕੋਠੇ ਸ਼ੇਰ ਜੰਗ ਤੋਂ ਸਜਾਏ ਨਗਰ ਕੀਰਤਨ
ਦਾ ਵਿਸ਼ਵਕਰਮਾ ਵੈਲਫੇਅਰ ਸੁਸਾਇਟੀ ਸਰਬ ਸਾਂਝੀ ਨੇ ਕੀਤਾ ਸ਼ਾਨਦਾਰ ਸਵਾਗਤ
ਜੰਡਿਆਲਾ ਗੁਰੂ, 24 ਨਵੰਬਰ (ਮਲਹੋਤਰਾ) ਗੁਰਦੁਆਰਾ ਬਾਬਾ ਬੰਦਾ ਸਿੰਘ ਬਹਾਦਰ ਕੋਠੇ ਸ਼ੇਰ ਜੰਗ ਤੋਂ ਸ੍ਰੀ ਗੁਰੂ ਤੇਗ ਬਹਾਦਰ ਸਾਹਿਬ ਜੀ ਦੇ 350 ਸਾਲਾ ਸ਼ਹੀਦੀ ਦਿਹਾੜੇ ਨੂੰ ਸਮਰਪਿਤ ਨਗਰ ਕੀਰਤਨ ਸਜਾਇਆ ਗਿਆ। ਵਿਸ਼ਵਕਰਮਾ ਵੈਲਫੇਅਰ ਸੁਸਾਇਟੀ ਸਰਬ ਸਾਂਝੀ ਨੇ ਨਗਰ ਕੀਰਤਨ ਦਾ ਸ਼ਾਨਦਾਰ ਸਵਾਗਤ ਕੀਤਾ ਅਤੇ ਸੰਗਤਾਂ ਲਈ ਲੰਗਰ ਲਗਾਏ।
ਜੰਡਿਆਲਾ ਗੁਰੂ, 24 ਨਵੰਬਰ (ਮਲਹੋਤਰਾ) ਗੁਰਦੁਆਰਾ ਬਾਬਾ ਬੰਦਾ ਸਿੰਘ ਬਹਾਦਰ ਕੋਠੇ ਸ਼ੇਰ ਜੰਗ ਤੋਂ ਸ੍ਰੀ ਗੁਰੂ ਤੇਗ ਬਹਾਦਰ ਸਾਹਿਬ ਜੀ ਦੇ 350 ਸਾਲਾ ਸ਼ਹੀਦੀ ਦਿਹਾੜੇ ਨੂੰ ਸਮਰਪਿਤ ਨਗਰ ਕੀਰਤਨ ਸਜਾਇਆ ਗਿਆ। ਵਿਸ਼ਵਕਰਮਾ ਵੈਲਫੇਅਰ ਸੁਸਾਇਟੀ ਸਰਬ ਸਾਂਝੀ ਨੇ ਨਗਰ ਕੀਰਤਨ ਦਾ ਸ਼ਾਨਦਾਰ ਸਵਾਗਤ ਕੀਤਾ ਅਤੇ ਸੰਗਤਾਂ ਲਈ ਲੰਗਰ ਲਗਾਏ।
ਜੰਡਿਆਲਾ ਗੁਰੂ, 24 ਨਵੰਬਰ (ਮਲਹੋਤਰਾ) ਗੁਰਦੁਆਰਾ ਬਾਬਾ ਬੰਦਾ ਸਿੰਘ ਬਹਾਦਰ ਕੋਠੇ ਸ਼ੇਰ ਜੰਗ ਤੋਂ ਸ੍ਰੀ ਗੁਰੂ ਤੇਗ ਬਹਾਦਰ ਸਾਹਿਬ ਜੀ ਦੇ 350 ਸਾਲਾ ਸ਼ਹੀਦੀ ਦਿਹਾੜੇ ਨੂੰ ਸਮਰਪਿਤ ਨਗਰ ਕੀਰਤਨ ਸਜਾਇਆ ਗਿਆ। ਵਿਸ਼ਵਕਰਮਾ ਵੈਲਫੇਅਰ ਸੁਸਾਇਟੀ ਸਰਬ ਸਾਂਝੀ ਨੇ ਨਗਰ ਕੀਰਤਨ ਦਾ ਸ਼ਾਨਦਾਰ ਸਵਾਗਤ ਕੀਤਾ ਅਤੇ ਸੰਗਤਾਂ ਲਈ ਲੰਗਰ ਲਗਾਏ।
ਸ਼ਹੀਦ ਸਤਨਾਮ ਸਿੰਘ ਛੀਨਾ ਅਤੇ ਸ਼ਹੀਦ ਸਤਨਾਮ ਸਿੰਘ
ਰੰਗੀਆਵਾਂ ਦੀ ਯਾਦ 'ਚ ਸਮਾਗਮ 26 ਨੂੰ : ਬੀਬੀ ਜਸਮੀਤ ਕੌਰ
ਅੰਮ੍ਰਿਤਸਰ, 24 ਨਵੰਬਰ (ਪ.ਬ.) ਸ਼ਹੀਦ ਸਤਨਾਮ ਸਿੰਘ ਛੀਨਾ ਅਤੇ ਸ਼ਹੀਦ ਸਤਨਾਮ ਸਿੰਘ ਰੰਗੀਆਵਾਂ ਦੀ ਯਾਦ ਵਿੱਚ ਸ਼ਰਧਾਂਜਲੀ ਸਮਾਗਮ 26 ਨਵੰਬਰ ਨੂੰ ਕਰਵਾਇਆ ਜਾਵੇਗਾ। ਬੀਬੀ ਜਸਮੀਤ ਕੌਰ ਨੇ ਸੰਗਤਾਂ ਨੂੰ ਵੱਧ ਚੜ੍ਹ ਕੇ ਪਹੁੰਚਣ ਦੀ ਅਪੀਲ ਕੀਤੀ।
ਅੰਮ੍ਰਿਤਸਰ, 24 ਨਵੰਬਰ (ਪ.ਬ.) ਸ਼ਹੀਦ ਸਤਨਾਮ ਸਿੰਘ ਛੀਨਾ ਅਤੇ ਸ਼ਹੀਦ ਸਤਨਾਮ ਸਿੰਘ ਰੰਗੀਆਵਾਂ ਦੀ ਯਾਦ ਵਿੱਚ ਸ਼ਰਧਾਂਜਲੀ ਸਮਾਗਮ 26 ਨਵੰਬਰ ਨੂੰ ਕਰਵਾਇਆ ਜਾਵੇਗਾ। ਬੀਬੀ ਜਸਮੀਤ ਕੌਰ ਨੇ ਸੰਗਤਾਂ ਨੂੰ ਵੱਧ ਚੜ੍ਹ ਕੇ ਪਹੁੰਚਣ ਦੀ ਅਪੀਲ ਕੀਤੀ।
350 ਸਾਲਾ ਸ਼ਤਾਬਦੀ ਨੂੰ ਸਮਰਪਿਤ ਪਿੰਡ ਨੂਨੀਵਾਲ ਵਿਖੇ 87 ਗੁਰਸਿੱਖ
ਪਰਿਵਾਰਾਂ ਨੇ ਸ੍ਰੀ ਸਹਿਜ ਪਾਠਾਂ ਦੇ ਪਾਏ ਭੋਗ : ਭਾਈ ਨੂਨੀਵਾਲ
ਮਾਨਸਾ/ਬਠਿੰਡਾ, 24 ਨਵੰਬਰ (ਜਸਵਿੰਦਰ ਸਿੰਘ) ਸ੍ਰੀ ਗੁਰੂ ਤੇਗ ਬਹਾਦਰ ਸਾਹਿਬ ਜੀ ਦੀ 350 ਸਾਲਾ ਸ਼ਹੀਦੀ ਸ਼ਤਾਬਦੀ ਨੂੰ ਸਮਰਪਿਤ ਪਿੰਡ ਨੂਨੀਵਾਲ ਵਿਖੇ 87 ਗੁਰਸਿੱਖ ਪਰਿਵਾਰਾਂ ਨੇ ਸ੍ਰੀ ਸਹਿਜ ਪਾਠਾਂ ਦੇ ਭੋਗ ਪਾਏ। ਇਸ ਮੌਕੇ ਭਾਈ ਨੂਨੀਵਾਲ ਨੇ ਸੰਗਤਾਂ ਨੂੰ ਗੁਰਬਾਣੀ ਨਾਲ ਜੁੜਨ ਅਤੇ ਨਿੱਤ ਨੇਮ ਕਰਨ ਲਈ ਪ੍ਰੇਰਿਤ ਕੀਤਾ।
ਮਾਨਸਾ/ਬਠਿੰਡਾ, 24 ਨਵੰਬਰ (ਜਸਵਿੰਦਰ ਸਿੰਘ) ਸ੍ਰੀ ਗੁਰੂ ਤੇਗ ਬਹਾਦਰ ਸਾਹਿਬ ਜੀ ਦੀ 350 ਸਾਲਾ ਸ਼ਹੀਦੀ ਸ਼ਤਾਬਦੀ ਨੂੰ ਸਮਰਪਿਤ ਪਿੰਡ ਨੂਨੀਵਾਲ ਵਿਖੇ 87 ਗੁਰਸਿੱਖ ਪਰਿਵਾਰਾਂ ਨੇ ਸ੍ਰੀ ਸਹਿਜ ਪਾਠਾਂ ਦੇ ਭੋਗ ਪਾਏ। ਇਸ ਮੌਕੇ ਭਾਈ ਨੂਨੀਵਾਲ ਨੇ ਸੰਗਤਾਂ ਨੂੰ ਗੁਰਬਾਣੀ ਨਾਲ ਜੁੜਨ ਅਤੇ ਨਿੱਤ ਨੇਮ ਕਰਨ ਲਈ ਪ੍ਰੇਰਿਤ ਕੀਤਾ।
ਮਾਨਸਾ/ਬਠਿੰਡਾ, 24 ਨਵੰਬਰ (ਜਸਵਿੰਦਰ ਸਿੰਘ) ਸ੍ਰੀ ਗੁਰੂ ਤੇਗ ਬਹਾਦਰ ਸਾਹਿਬ ਜੀ ਦੀ 350 ਸਾਲਾ ਸ਼ਹੀਦੀ ਸ਼ਤਾਬਦੀ ਨੂੰ ਸਮਰਪਿਤ ਪਿੰਡ ਨੂਨੀਵਾਲ ਵਿਖੇ 87 ਗੁਰਸਿੱਖ ਪਰਿਵਾਰਾਂ ਨੇ ਸ੍ਰੀ ਸਹਿਜ ਪਾਠਾਂ ਦੇ ਭੋਗ ਪਾਏ। ਇਸ ਮੌਕੇ ਭਾਈ ਨੂਨੀਵਾਲ ਨੇ ਸੰਗਤਾਂ ਨੂੰ ਗੁਰਬਾਣੀ ਨਾਲ ਜੁੜਨ ਅਤੇ ਨਿੱਤ ਨੇਮ ਕਰਨ ਲਈ ਪ੍ਰੇਰਿਤ ਕੀਤਾ।
